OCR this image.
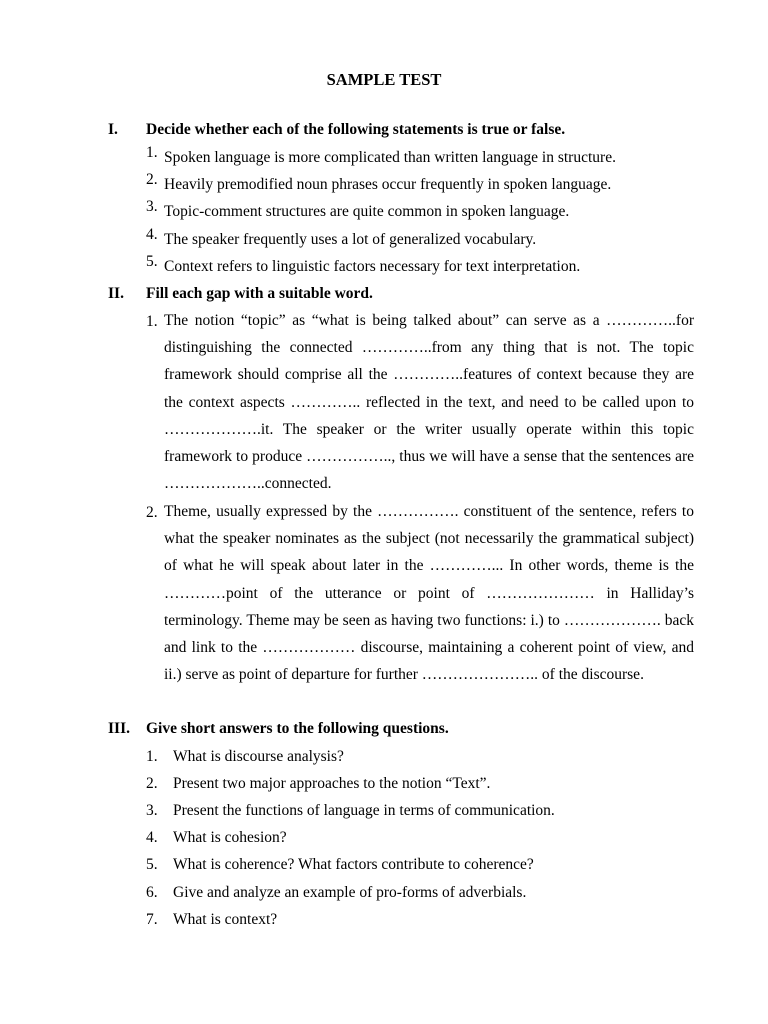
SAMPLE TEST
I. Decide whether each of the following statements is true or false.
1. Spoken language is more complicated than written language in structure.
2. Heavily premodified noun phrases occur frequently in spoken language.
3. Topic-comment structures are quite common in spoken language.
4. The speaker frequently uses a lot of generalized vocabulary.
5. Context refers to linguistic factors necessary for text interpretation.
II. Fill each gap with a suitable word.
1. The notion “topic” as “what is being talked about” can serve as a …………..for distinguishing the connected …………..from any thing that is not. The topic framework should comprise all the …………..features of context because they are the context aspects ………….. reflected in the text, and need to be called upon to ……………….it. The speaker or the writer usually operate within this topic framework to produce …………….., thus we will have a sense that the sentences are ………………..connected.
2. Theme, usually expressed by the ……………. constituent of the sentence, refers to what the speaker nominates as the subject (not necessarily the grammatical subject) of what he will speak about later in the …………... In other words, theme is the …………point of the utterance or point of ………………… in Halliday’s terminology. Theme may be seen as having two functions: i.) to ………………. back and link to the ……………… discourse, maintaining a coherent point of view, and ii.) serve as point of departure for further ………………….. of the discourse.
III. Give short answers to the following questions.
1. What is discourse analysis?
2. Present two major approaches to the notion “Text”.
3. Present the functions of language in terms of communication.
4. What is cohesion?
5. What is coherence? What factors contribute to coherence?
6. Give and analyze an example of pro-forms of adverbials.
7. What is context?
